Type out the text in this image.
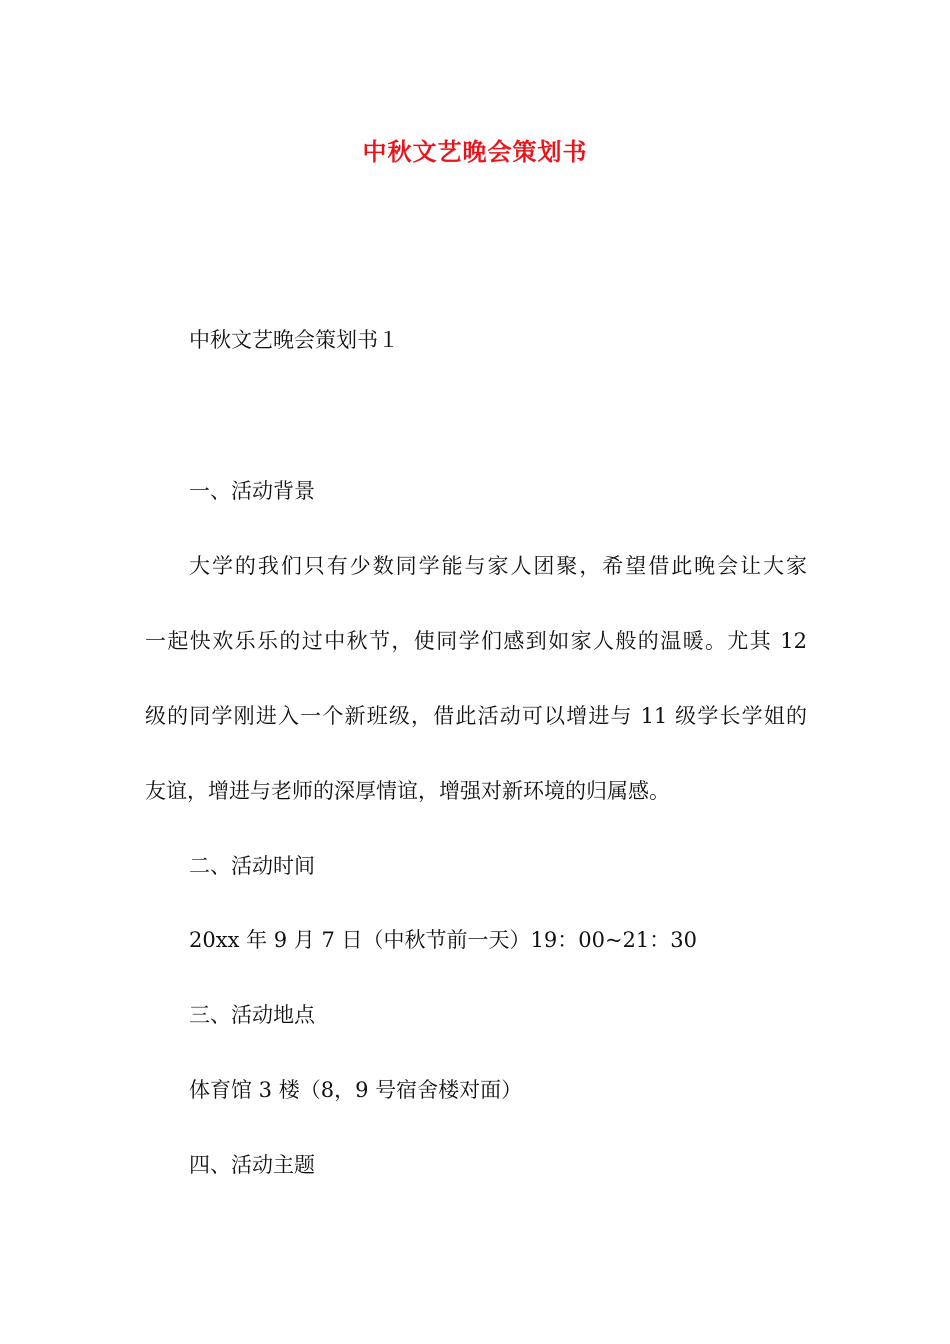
中秋文艺晚会策划书
中秋文艺晚会策划书１
一、活动背景
大学的我们只有少数同学能与家人团聚，希望借此晚会让大家
一起快欢乐乐的过中秋节，使同学们感到如家人般的温暖。尤其 12
级的同学刚进入一个新班级，借此活动可以增进与 11 级学长学姐的
友谊，增进与老师的深厚情谊，增强对新环境的归属感。
二、活动时间
20xx 年 9 月 7 日（中秋节前一天）19：00~21：30
三、活动地点
体育馆 3 楼（8，9 号宿舍楼对面）
四、活动主题
